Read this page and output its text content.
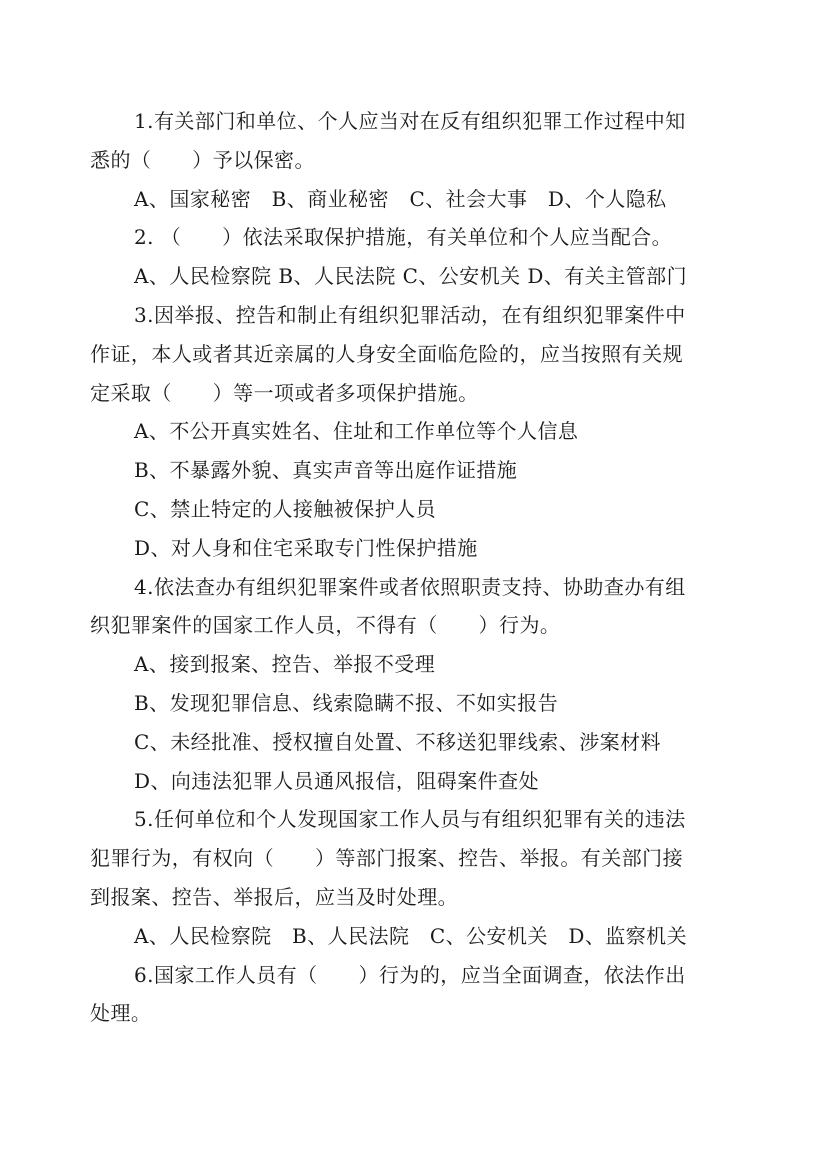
1.有关部门和单位、个人应当对在反有组织犯罪工作过程中知
悉的（　　）予以保密。
A、国家秘密　B、商业秘密　C、社会大事　D、个人隐私
2. （　　）依法采取保护措施，有关单位和个人应当配合。
A、人民检察院 B、人民法院 C、公安机关 D、有关主管部门
3.因举报、控告和制止有组织犯罪活动，在有组织犯罪案件中
作证，本人或者其近亲属的人身安全面临危险的，应当按照有关规
定采取（　　）等一项或者多项保护措施。
A、不公开真实姓名、住址和工作单位等个人信息
B、不暴露外貌、真实声音等出庭作证措施
C、禁止特定的人接触被保护人员
D、对人身和住宅采取专门性保护措施
4.依法查办有组织犯罪案件或者依照职责支持、协助查办有组
织犯罪案件的国家工作人员，不得有（　　）行为。
A、接到报案、控告、举报不受理
B、发现犯罪信息、线索隐瞒不报、不如实报告
C、未经批准、授权擅自处置、不移送犯罪线索、涉案材料
D、向违法犯罪人员通风报信，阻碍案件查处
5.任何单位和个人发现国家工作人员与有组织犯罪有关的违法
犯罪行为，有权向（　　）等部门报案、控告、举报。有关部门接
到报案、控告、举报后，应当及时处理。
A、人民检察院　B、人民法院　C、公安机关　D、监察机关
6.国家工作人员有（　　）行为的，应当全面调查，依法作出
处理。
